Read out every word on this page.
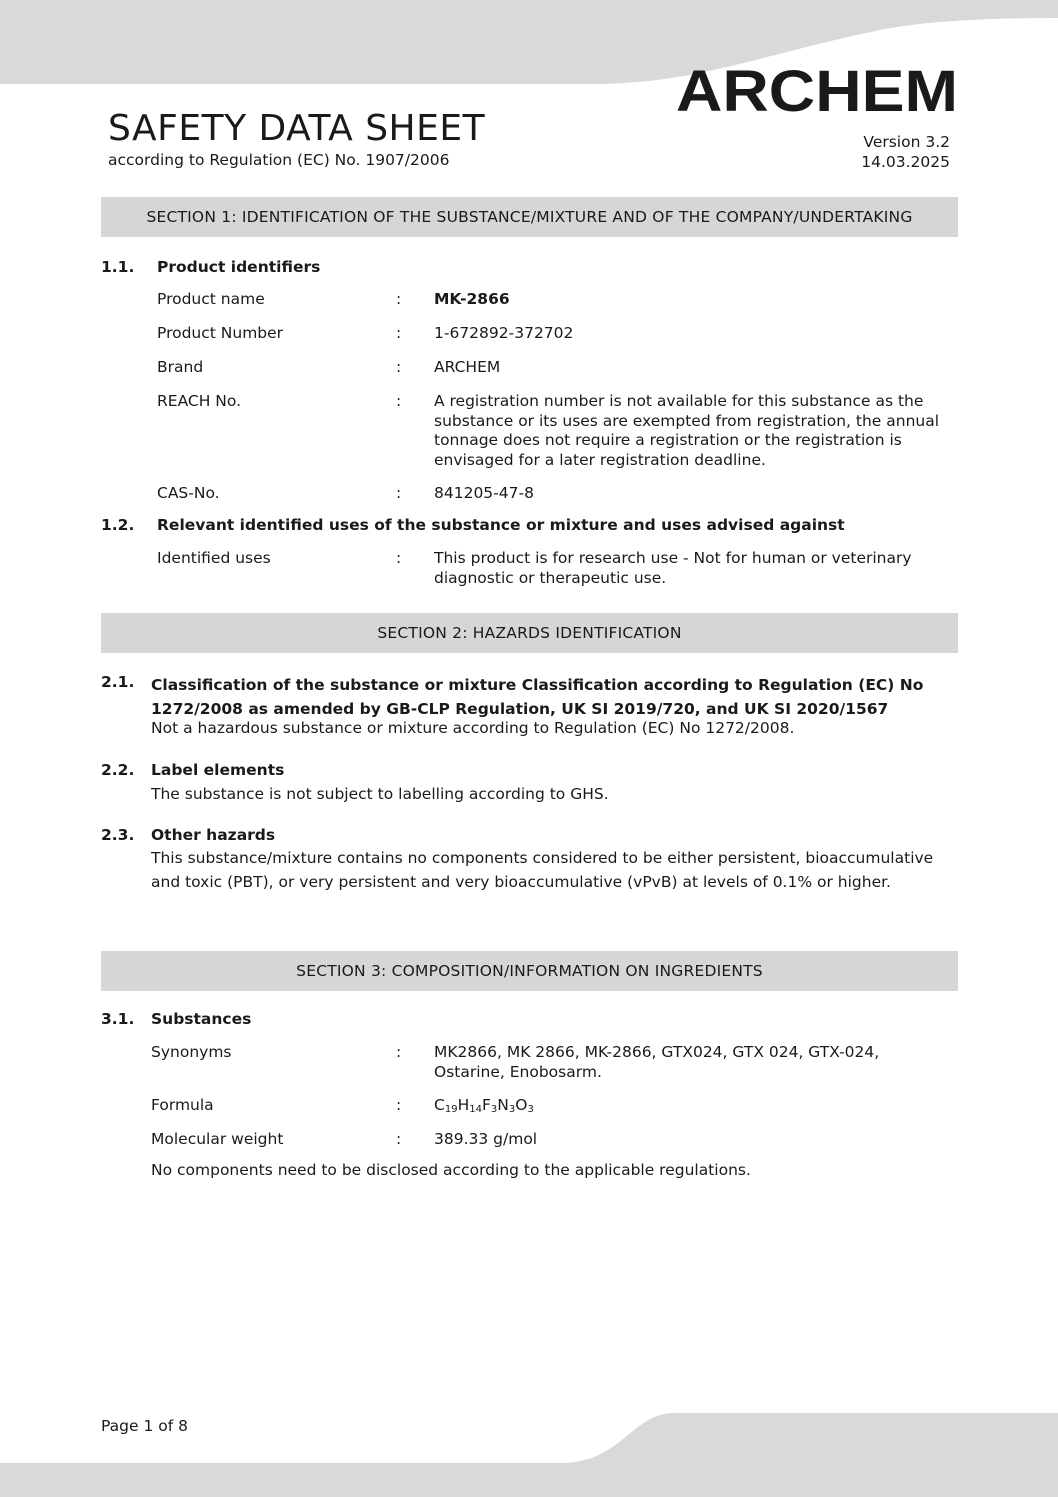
ARCHEM
SAFETY DATA SHEET
according to Regulation (EC) No. 1907/2006
Version 3.2
14.03.2025
SECTION 1: IDENTIFICATION OF THE SUBSTANCE/MIXTURE AND OF THE COMPANY/UNDERTAKING
1.1. Product identifiers
Product name	: MK-2866
Product Number	: 1-672892-372702
Brand	: ARCHEM
REACH No.	: A registration number is not available for this substance as the substance or its uses are exempted from registration, the annual tonnage does not require a registration or the registration is envisaged for a later registration deadline.
CAS-No.	: 841205-47-8
1.2. Relevant identified uses of the substance or mixture and uses advised against
Identified uses	: This product is for research use - Not for human or veterinary diagnostic or therapeutic use.
SECTION 2: HAZARDS IDENTIFICATION
2.1. Classification of the substance or mixture Classification according to Regulation (EC) No
1272/2008 as amended by GB-CLP Regulation, UK SI 2019/720, and UK SI 2020/1567
Not a hazardous substance or mixture according to Regulation (EC) No 1272/2008.
2.2. Label elements
The substance is not subject to labelling according to GHS.
2.3. Other hazards
This substance/mixture contains no components considered to be either persistent, bioaccumulative and toxic (PBT), or very persistent and very bioaccumulative (vPvB) at levels of 0.1% or higher.
SECTION 3: COMPOSITION/INFORMATION ON INGREDIENTS
3.1. Substances
Synonyms	: MK2866, MK 2866, MK-2866, GTX024, GTX 024, GTX-024, Ostarine, Enobosarm.
Formula	: $C_{19}H_{14}F_3N_3O_3$
Molecular weight	: 389.33 g/mol
No components need to be disclosed according to the applicable regulations.
Page 1 of 8
